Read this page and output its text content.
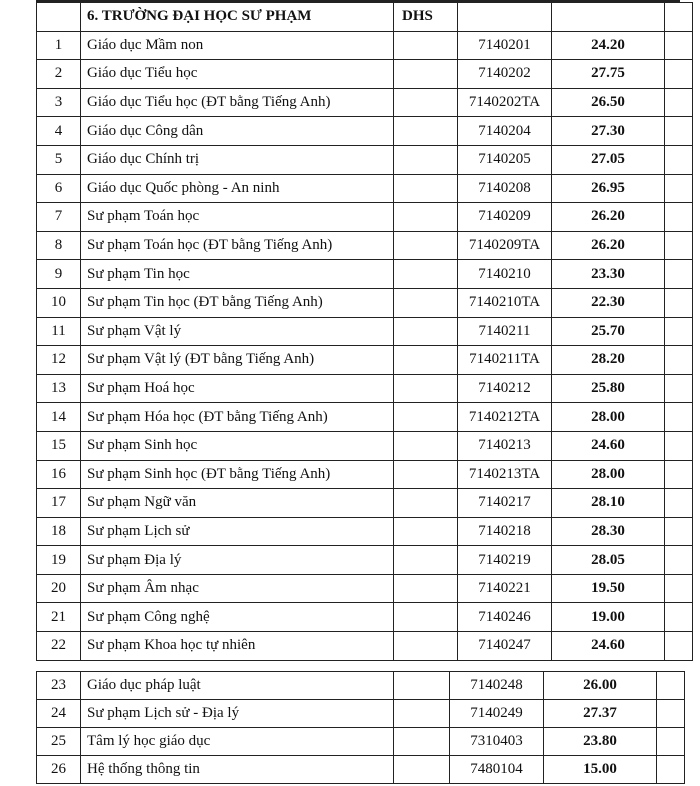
	6. TRƯỜNG ĐẠI HỌC SƯ PHẠM	DHS			
1	Giáo dục Mầm non		7140201	24.20	
2	Giáo dục Tiểu học		7140202	27.75	
3	Giáo dục Tiểu học (ĐT bằng Tiếng Anh)		7140202TA	26.50	
4	Giáo dục Công dân		7140204	27.30	
5	Giáo dục Chính trị		7140205	27.05	
6	Giáo dục Quốc phòng - An ninh		7140208	26.95	
7	Sư phạm Toán học		7140209	26.20	
8	Sư phạm Toán học (ĐT bằng Tiếng Anh)		7140209TA	26.20	
9	Sư phạm Tin học		7140210	23.30	
10	Sư phạm Tin học (ĐT bằng Tiếng Anh)		7140210TA	22.30	
11	Sư phạm Vật lý		7140211	25.70	
12	Sư phạm Vật lý (ĐT bằng Tiếng Anh)		7140211TA	28.20	
13	Sư phạm Hoá học		7140212	25.80	
14	Sư phạm Hóa học (ĐT bằng Tiếng Anh)		7140212TA	28.00	
15	Sư phạm Sinh học		7140213	24.60	
16	Sư phạm Sinh học (ĐT bằng Tiếng Anh)		7140213TA	28.00	
17	Sư phạm Ngữ văn		7140217	28.10	
18	Sư phạm Lịch sử		7140218	28.30	
19	Sư phạm Địa lý		7140219	28.05	
20	Sư phạm Âm nhạc		7140221	19.50	
21	Sư phạm Công nghệ		7140246	19.00	
22	Sư phạm Khoa học tự nhiên		7140247	24.60	
23	Giáo dục pháp luật		7140248	26.00	
24	Sư phạm Lịch sử - Địa lý		7140249	27.37	
25	Tâm lý học giáo dục		7310403	23.80	
26	Hệ thống thông tin		7480104	15.00	
